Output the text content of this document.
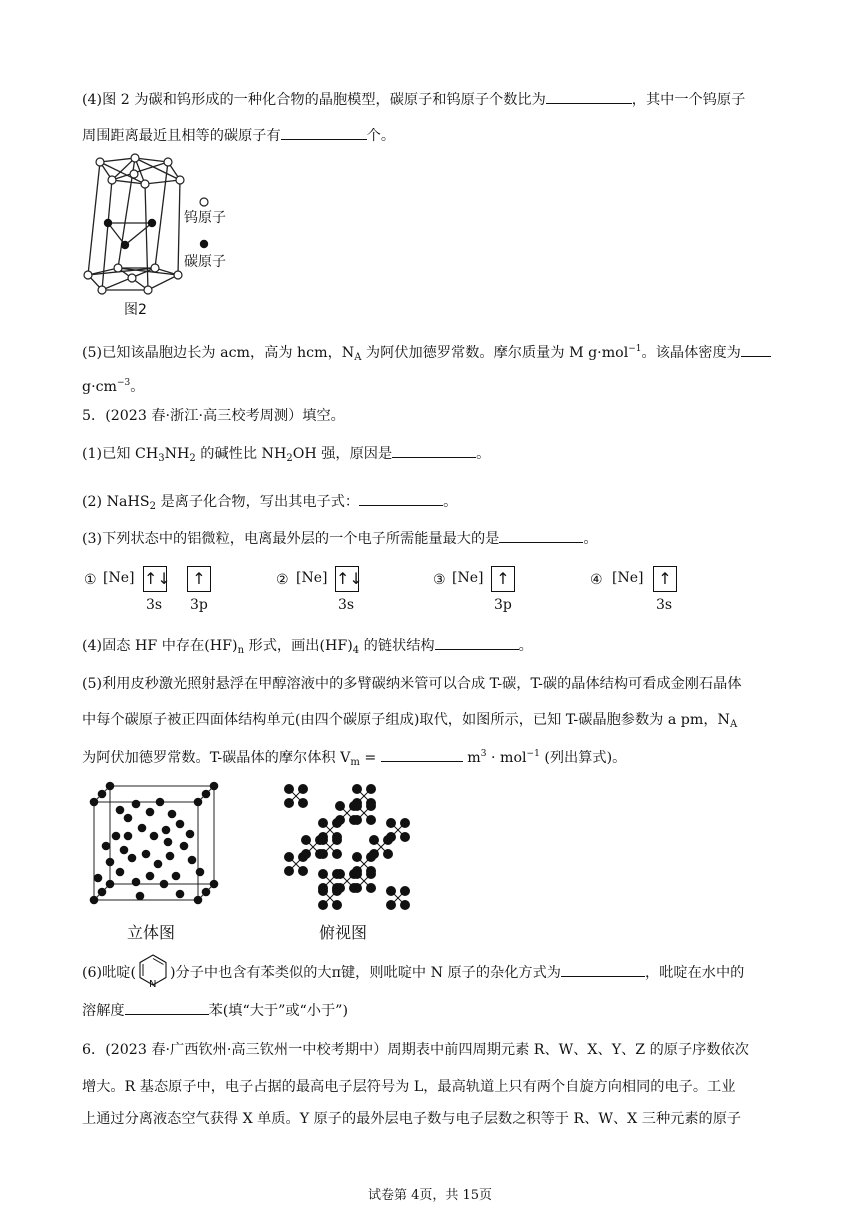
(4)图 2 为碳和钨形成的一种化合物的晶胞模型，碳原子和钨原子个数比为	，其中一个钨原子
周围距离最近且相等的碳原子有	个。
钨原子
碳原子
图2
(5)已知该晶胞边长为 acm，高为 hcm，$N_A$ 为阿伏加德罗常数。摩尔质量为 M g·mol$^{-1}$。该晶体密度为
$g\cdot cm^{-3}$。
5．(2023 春·浙江·高三校考周测）填空。
(1)已知 $CH_3NH_2$ 的碱性比 $NH_2OH$ 强，原因是	。
(2) NaHS$_2$ 是离子化合物，写出其电子式：	。
(3)下列状态中的铝微粒，电离最外层的一个电子所需能量最大的是	。
① [Ne] ↑↓	↑
3s 3p
② [Ne] ↑↓
3s
③ [Ne] ↑
3p
④ [Ne] ↑
3s
(4)固态 HF 中存在$(HF)_n$ 形式，画出$(HF)_4$ 的链状结构	。
(5)利用皮秒激光照射悬浮在甲醇溶液中的多臂碳纳米管可以合成 T-碳，T-碳的晶体结构可看成金刚石晶体
中每个碳原子被正四面体结构单元(由四个碳原子组成)取代，如图所示，已知 T-碳晶胞参数为 a pm，$N_A$
为阿伏加德罗常数。T-碳晶体的摩尔体积 $V_m$ =	$m^3 \cdot mol^{-1}$ (列出算式)。
立体图	俯视图
(6)吡啶(
N
)分子中也含有苯类似的大π键，则吡啶中 N 原子的杂化方式为	，吡啶在水中的
溶解度	苯(填“大于”或“小于”)
6．(2023 春·广西钦州·高三钦州一中校考期中）周期表中前四周期元素 R、W、X、Y、Z 的原子序数依次
增大。R 基态原子中，电子占据的最高电子层符号为 L，最高轨道上只有两个自旋方向相同的电子。工业
上通过分离液态空气获得 X 单质。Y 原子的最外层电子数与电子层数之积等于 R、W、X 三种元素的原子
试卷第 4页，共 15页
